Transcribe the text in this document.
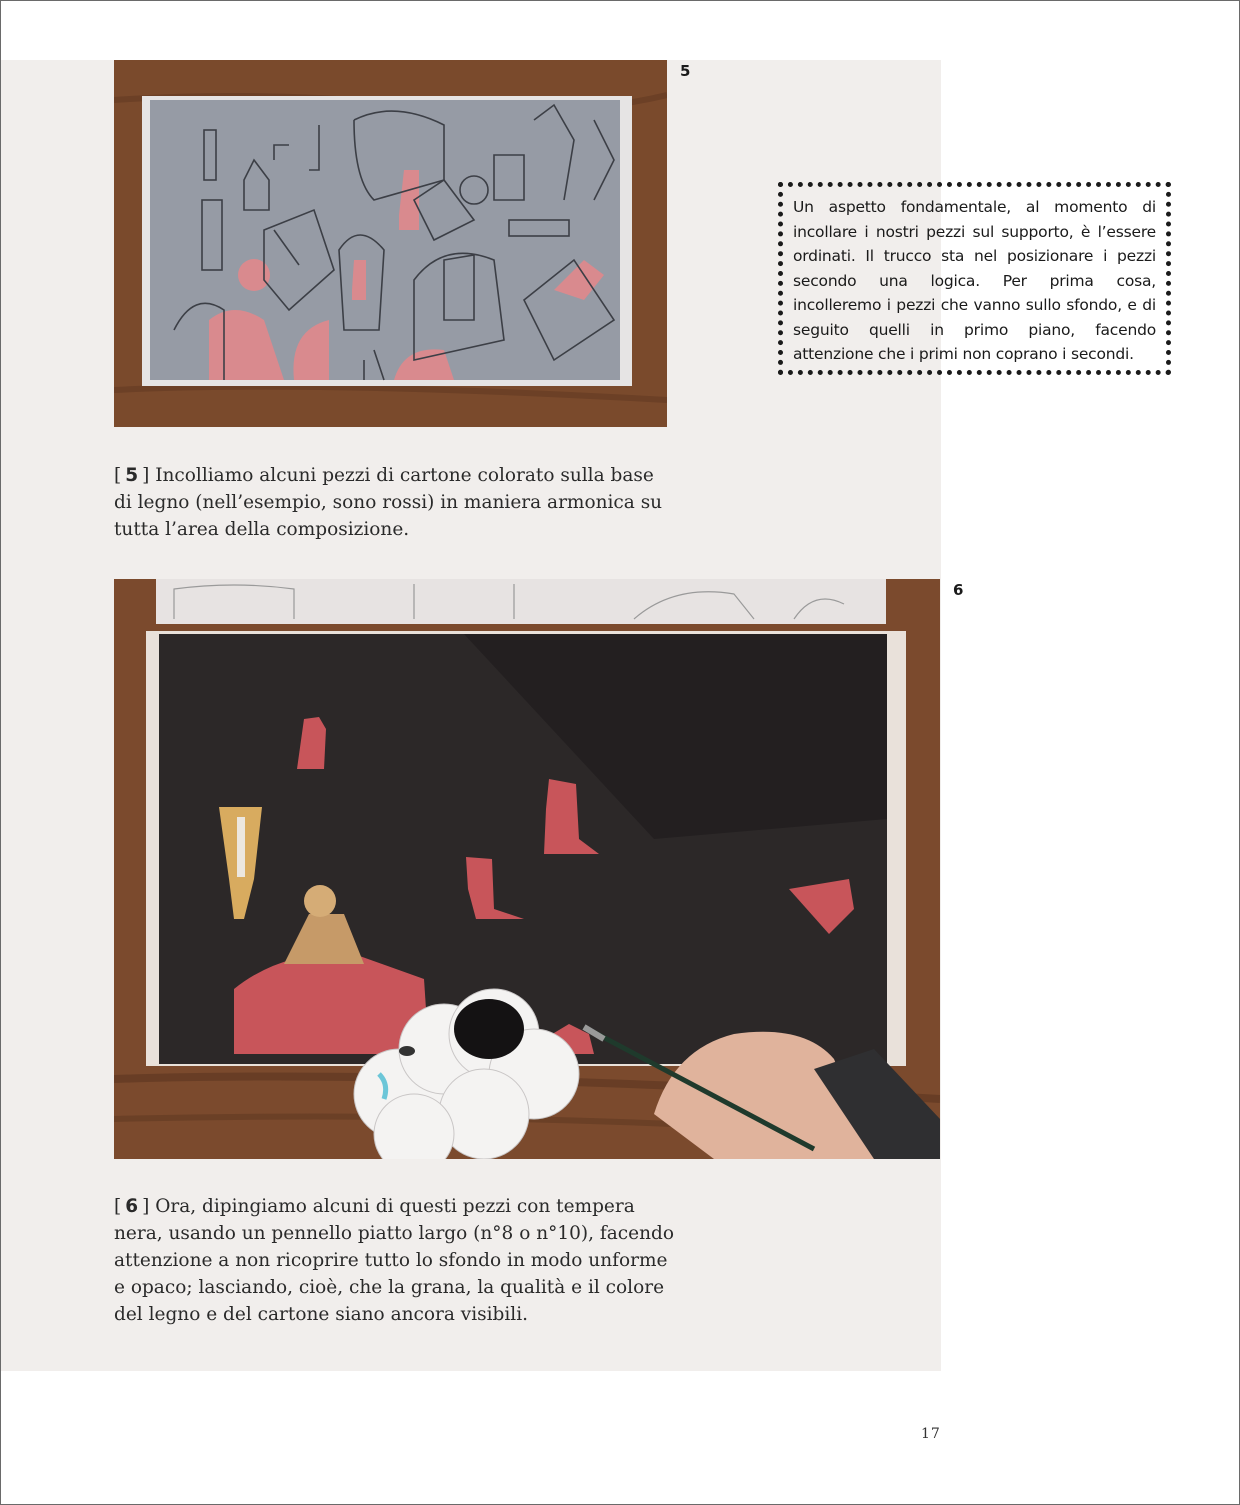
5

[ 5 ] Incolliamo alcuni pezzi di cartone colorato sulla base di legno (nell’esempio, sono rossi) in maniera armonica su tutta l’area della composizione.

Un aspetto fondamentale, al momento di incollare i nostri pezzi sul supporto, è l’essere ordinati. Il trucco sta nel posizionare i pezzi secondo una logica. Per prima cosa, incolleremo i pezzi che vanno sullo sfondo, e di seguito quelli in primo piano, facendo attenzione che i primi non coprano i secondi.

6

[ 6 ] Ora, dipingiamo alcuni di questi pezzi con tempera nera, usando un pennello piatto largo (n°8 o n°10), facendo attenzione a non ricoprire tutto lo sfondo in modo unforme e opaco; lasciando, cioè, che la grana, la qualità e il colore del legno e del cartone siano ancora visibili.

17
